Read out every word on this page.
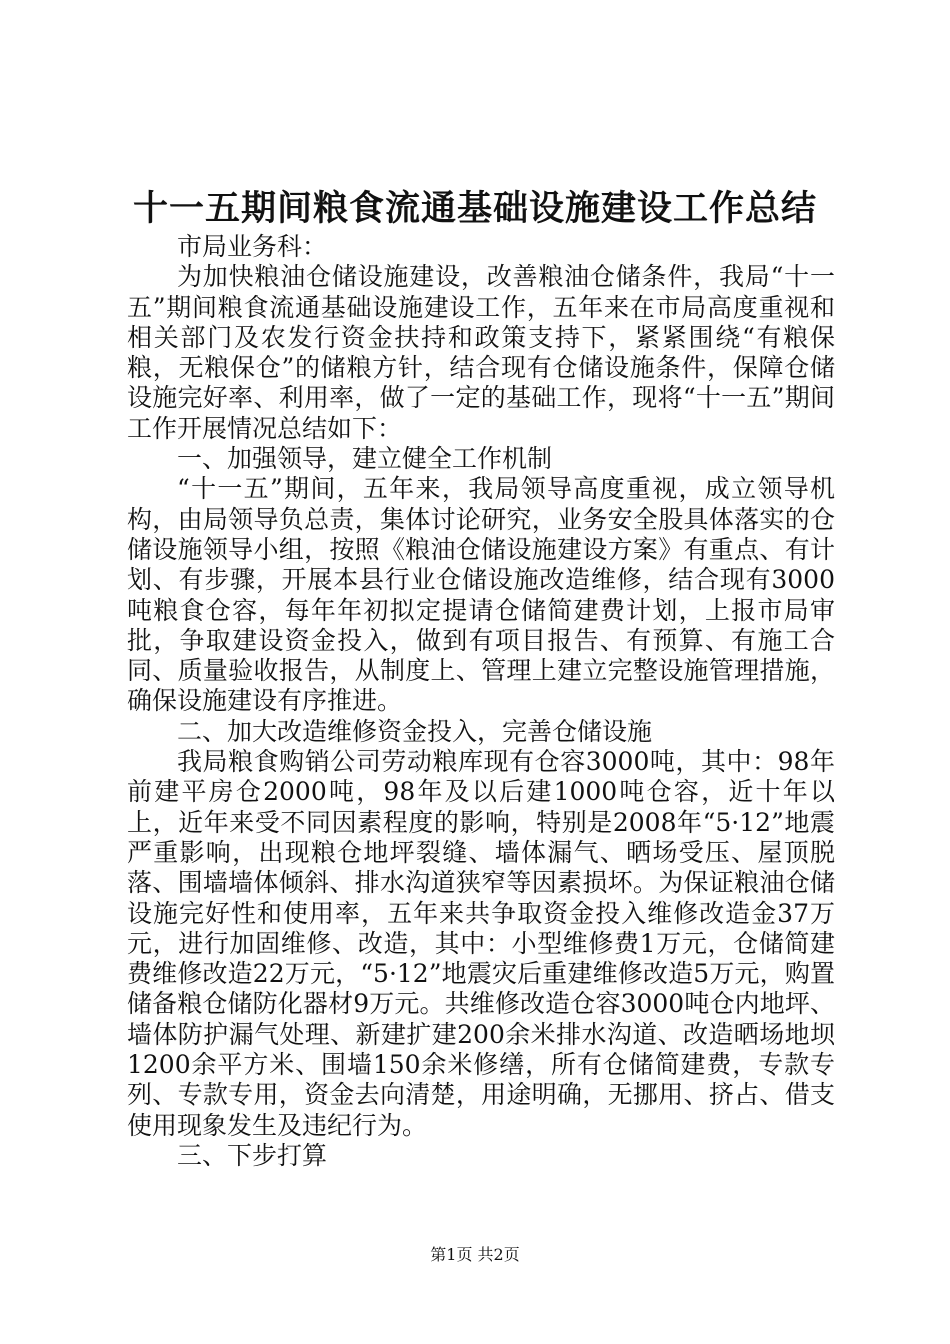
十一五期间粮食流通基础设施建设工作总结

市局业务科：

为加快粮油仓储设施建设，改善粮油仓储条件，我局“十一五”期间粮食流通基础设施建设工作，五年来在市局高度重视和相关部门及农发行资金扶持和政策支持下，紧紧围绕“有粮保粮，无粮保仓”的储粮方针，结合现有仓储设施条件，保障仓储设施完好率、利用率，做了一定的基础工作，现将“十一五”期间工作开展情况总结如下：

一、加强领导，建立健全工作机制

“十一五”期间，五年来，我局领导高度重视，成立领导机构，由局领导负总责，集体讨论研究，业务安全股具体落实的仓储设施领导小组，按照《粮油仓储设施建设方案》有重点、有计划、有步骤，开展本县行业仓储设施改造维修，结合现有3000吨粮食仓容，每年年初拟定提请仓储简建费计划，上报市局审批，争取建设资金投入，做到有项目报告、有预算、有施工合同、质量验收报告，从制度上、管理上建立完整设施管理措施，确保设施建设有序推进。

二、加大改造维修资金投入，完善仓储设施

我局粮食购销公司劳动粮库现有仓容3000吨，其中：98年前建平房仓2000吨，98年及以后建1000吨仓容，近十年以上，近年来受不同因素程度的影响，特别是2008年“5·12”地震严重影响，出现粮仓地坪裂缝、墙体漏气、晒场受压、屋顶脱落、围墙墙体倾斜、排水沟道狭窄等因素损坏。为保证粮油仓储设施完好性和使用率，五年来共争取资金投入维修改造金37万元，进行加固维修、改造，其中：小型维修费1万元，仓储简建费维修改造22万元，“5·12”地震灾后重建维修改造5万元，购置储备粮仓储防化器材9万元。共维修改造仓容3000吨仓内地坪、墙体防护漏气处理、新建扩建200余米排水沟道、改造晒场地坝1200余平方米、围墙150余米修缮，所有仓储简建费，专款专列、专款专用，资金去向清楚，用途明确，无挪用、挤占、借支使用现象发生及违纪行为。

三、下步打算

第1页 共2页
